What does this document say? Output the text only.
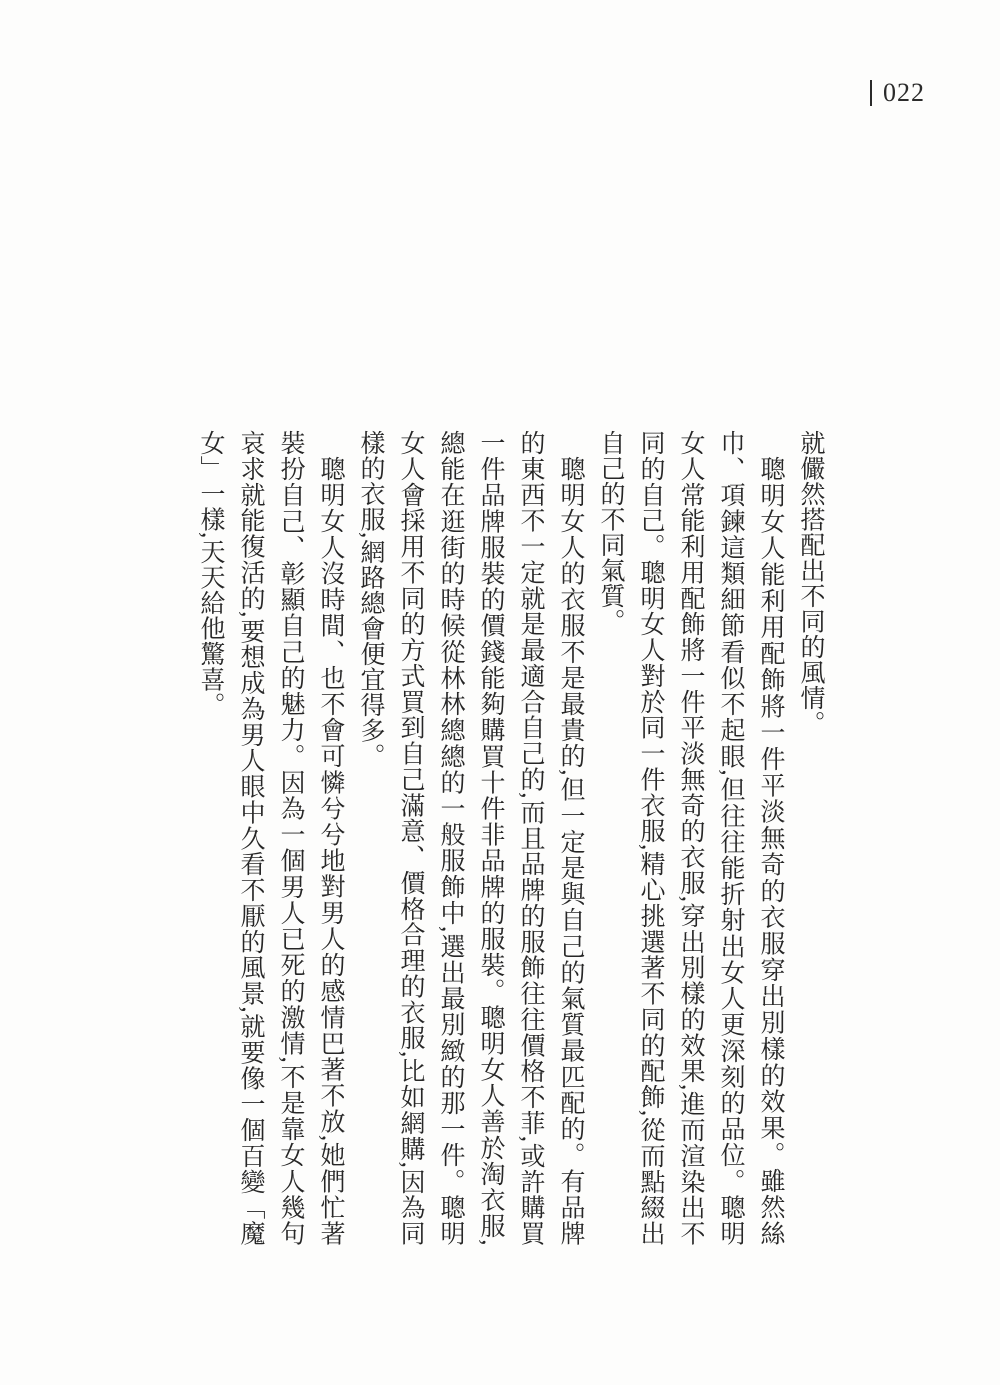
022

就儼然搭配出不同的風情。

聰明女人能利用配飾將一件平淡無奇的衣服穿出別樣的效果。雖然絲巾、項鍊這類細節看似不起眼,但往往能折射出女人更深刻的品位。聰明女人常能利用配飾將一件平淡無奇的衣服,穿出別樣的效果,進而渲染出不同的自己。聰明女人對於同一件衣服,精心挑選著不同的配飾,從而點綴出自己的不同氣質。

聰明女人的衣服不是最貴的,但一定是與自己的氣質最匹配的。有品牌的東西不一定就是最適合自己的,而且品牌的服飾往往價格不菲,或許購買一件品牌服裝的價錢能夠購買十件非品牌的服裝。聰明女人善於淘衣服,總能在逛街的時候從林林總總的一般服飾中,選出最別緻的那一件。聰明女人會採用不同的方式買到自己滿意、價格合理的衣服,比如網購,因為同樣的衣服,網路總會便宜得多。

聰明女人沒時間、也不會可憐兮兮地對男人的感情巴著不放,她們忙著裝扮自己、彰顯自己的魅力。因為一個男人已死的激情,不是靠女人幾句哀求就能復活的,要想成為男人眼中久看不厭的風景,就要像一個百變「魔女」一樣,天天給他驚喜。
